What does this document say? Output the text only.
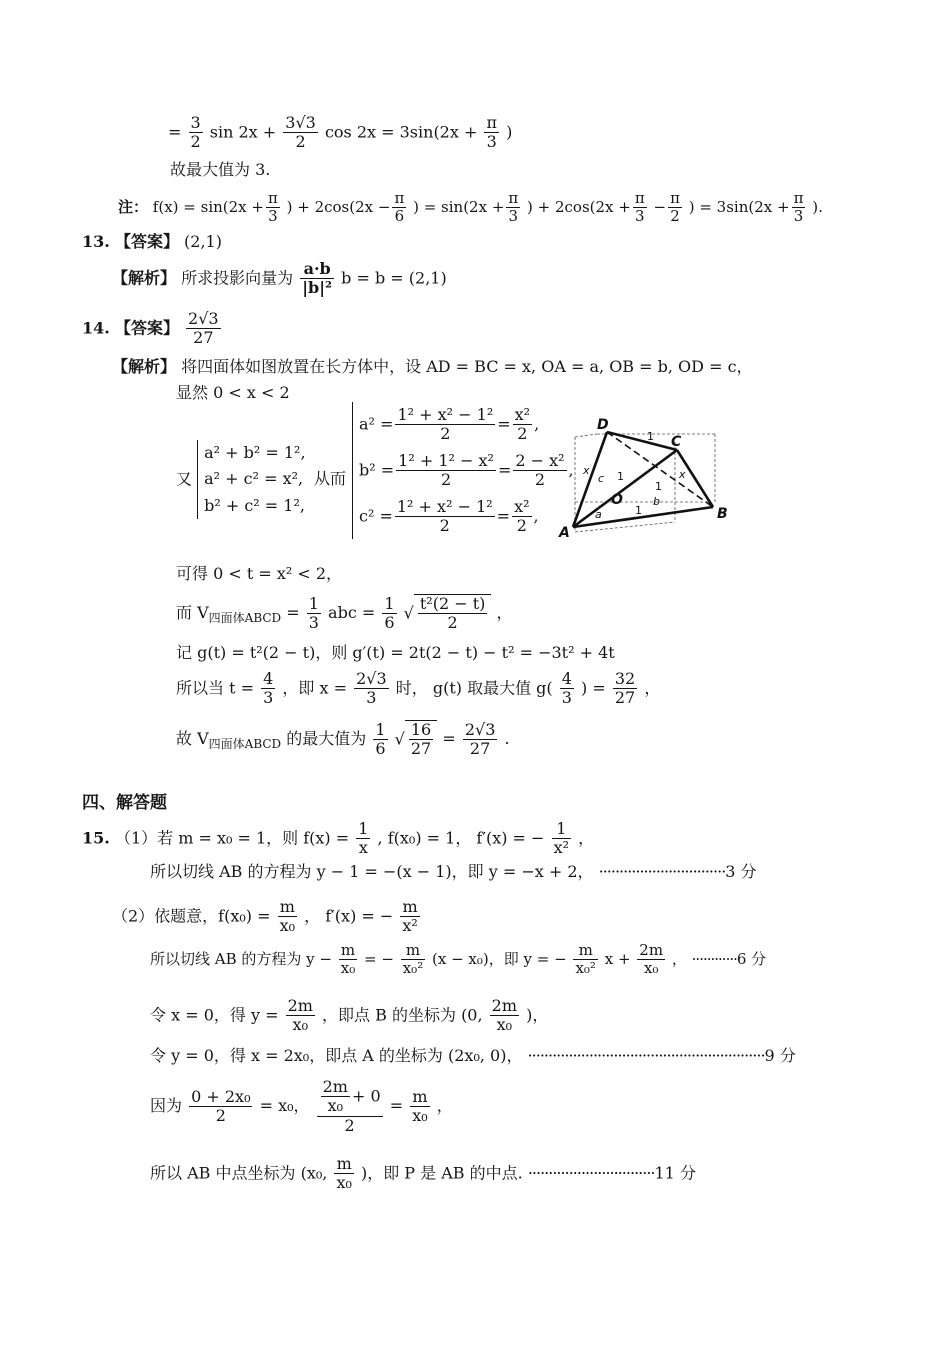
= $\frac{3}{2}$ $\sin 2x + \frac{3√3}{2}$ $\cos 2x = 3\sin(2x + \frac{\pi}{3}$ )
故最大值为 3.
注： $f(x) = \sin(2x + \frac{\pi}{3}$ ) + $2\cos(2x - \frac{\pi}{6}$ ) = $\sin(2x + \frac{\pi}{3}$ ) + $2\cos(2x + \frac{\pi}{3} - \frac{\pi}{2}$ ) = $3\sin(2x + \frac{\pi}{3}$ ).
13. 【答案】 (2,1)
【解析】 所求投影向量为 $\frac{a\cdot b}{\text{|b|²}}$ b = b = (2,1)
14. 【答案】 $\frac{2√3}{27}$
【解析】 将四面体如图放置在长方体中，设 AD = BC = x, OA = a, OB = b, OD = c，
显然 0 < x < 2
又
a² + b² = 1²,
a² + c² = x²,
b² + c² = 1²,
从而
$a^2 = \frac{\text{1² + x² − 1²}}{2} = \frac{\text{x²}}{2}$ ,
$b^2 = \frac{\text{1² + 1² − x²}}{2} = \frac{\text{2 − x²}}{2}$ ,
$c^2 = \frac{\text{1² + x² − 1²}}{2} = \frac{\text{x²}}{2}$ ,
D
C
A
B
O
1
x
c 1	x
1
b
1
a
可得 0 < t = x² < 2，
而 $V_{四面体ABCD} = \frac{1}{3}$ abc = $\frac{1}{6}$ √ $\frac{\text{t²(2 − t)}}{2}$ ，
记 g(t) = t²(2 − t)，则 g′(t) = 2t(2 − t) − t² = −3t² + 4t
所以当 $t = \frac{4}{3}$ ，即 $x = \frac{2√3}{3}$ 时， g(t) 取最大值 $g( \frac{4}{3}$ ) = $\frac{32}{27}$ ，
故 $V_{四面体ABCD}$ 的最大值为 $\frac{1}{6}$ √ $\frac{16}{27} = \frac{2√3}{27}$ .
四、解答题
15. （1）若 m = x₀ = 1，则 $f(x) = \frac{1}{x}$ , f(x₀) = 1， f′(x) = − $\frac{1}{\text{x²}}$ ，
所以切线 AB 的方程为 y − 1 = −(x − 1)，即 y = −x + 2， ·······························3 分
（2）依题意，$f(x_0) = \frac{m}{\text{x₀}}$ ， f′(x) = − $\frac{m}{\text{x²}}$
所以切线 AB 的方程为 $y - \frac{m}{\text{x₀}}$ = − $\frac{m}{\text{x₀²}} (x - x_0)$，即 y = − $\frac{m}{\text{x₀²}}$ $x + \frac{2m}{\text{x₀}}$ ， ············6 分
令 x = 0，得 $y = \frac{2m}{\text{x₀}}$ ，即点 B 的坐标为 (0, $\frac{2m}{\text{x₀}}$ )，
令 y = 0，得 x = 2x₀，即点 A 的坐标为 (2x₀, 0)， ··························································9 分
因为 $\frac{\text{0 + 2x₀}}{2} = x_0$， $\frac{\frac{2m}{\text{x₀}} + 0}{2} = \frac{m}{\text{x₀}}$ ，
所以 AB 中点坐标为 (x₀, $\frac{m}{\text{x₀}}$ )，即 P 是 AB 的中点. ·······························11 分
